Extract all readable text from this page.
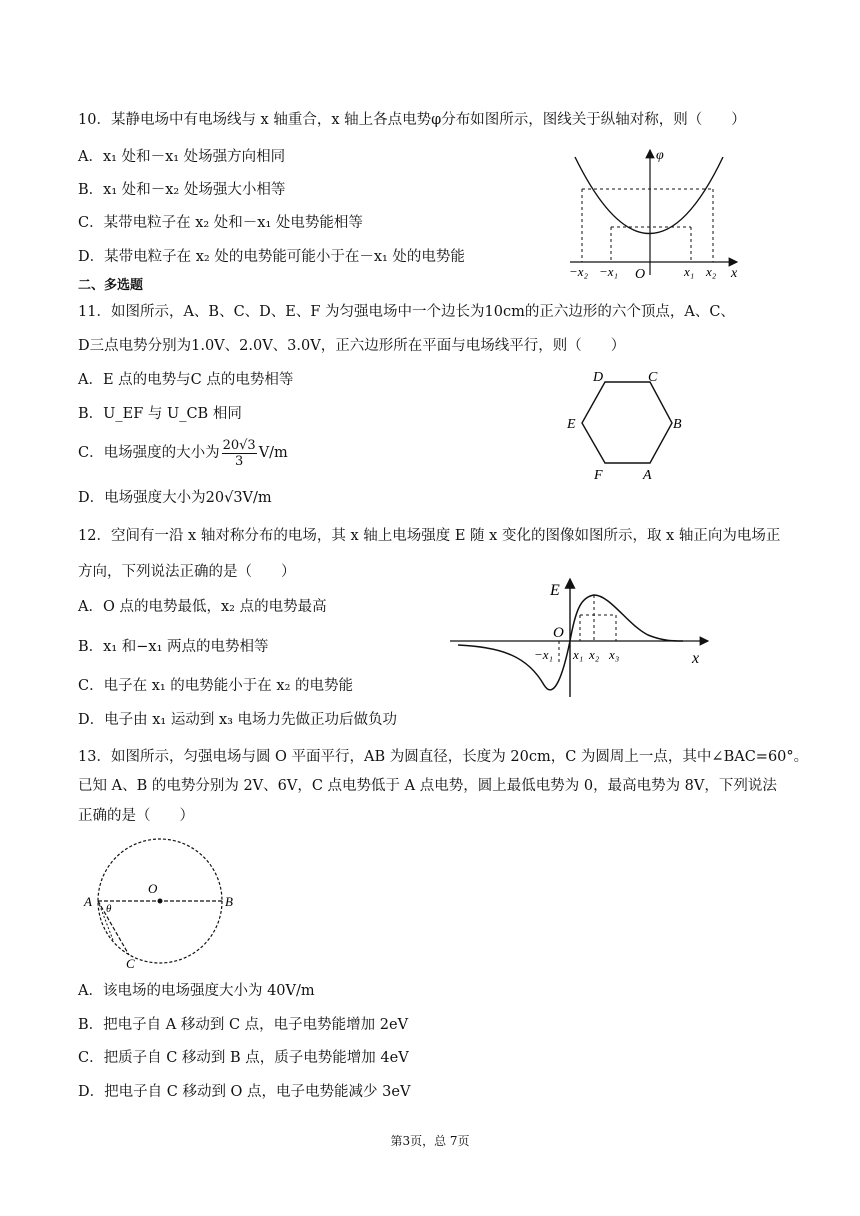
10．某静电场中有电场线与 x 轴重合，x 轴上各点电势φ分布如图所示，图线关于纵轴对称，则（　　）
A．x₁ 处和－x₁ 处场强方向相同
B．x₁ 处和－x₂ 处场强大小相等
C．某带电粒子在 x₂ 处和－x₁ 处电势能相等
D．某带电粒子在 x₂ 处的电势能可能小于在－x₁ 处的电势能
φ
x
O
−x₂ −x₁	x₁ x₂
二、多选题
11．如图所示，A、B、C、D、E、F 为匀强电场中一个边长为10cm的正六边形的六个顶点，A、C、
D三点电势分别为1.0V、2.0V、3.0V，正六边形所在平面与电场线平行，则（　　）
A．E 点的电势与C 点的电势相等
B．U_EF 与 U_CB 相同
C．电场强度的大小为 $\frac{20√3}{3} V/m$
D．电场强度大小为20√3V/m
D	C
B
A
F
E
12．空间有一沿 x 轴对称分布的电场，其 x 轴上电场强度 E 随 x 变化的图像如图所示，取 x 轴正向为电场正
方向，下列说法正确的是（　　）
A．O 点的电势最低，x₂ 点的电势最高
B．x₁ 和−x₁ 两点的电势相等
C．电子在 x₁ 的电势能小于在 x₂ 的电势能
D．电子由 x₁ 运动到 x₃ 电场力先做正功后做负功
E
x
O
−x₁ x₁ x₂ x₃
13．如图所示，匀强电场与圆 O 平面平行，AB 为圆直径，长度为 20cm，C 为圆周上一点，其中∠BAC=60°。
已知 A、B 的电势分别为 2V、6V，C 点电势低于 A 点电势，圆上最低电势为 0，最高电势为 8V，下列说法
正确的是（　　）
A
O
B
C
θ
A．该电场的电场强度大小为 40V/m
B．把电子自 A 移动到 C 点，电子电势能增加 2eV
C．把质子自 C 移动到 B 点，质子电势能增加 4eV
D．把电子自 C 移动到 O 点，电子电势能减少 3eV
第3页，总 7页
